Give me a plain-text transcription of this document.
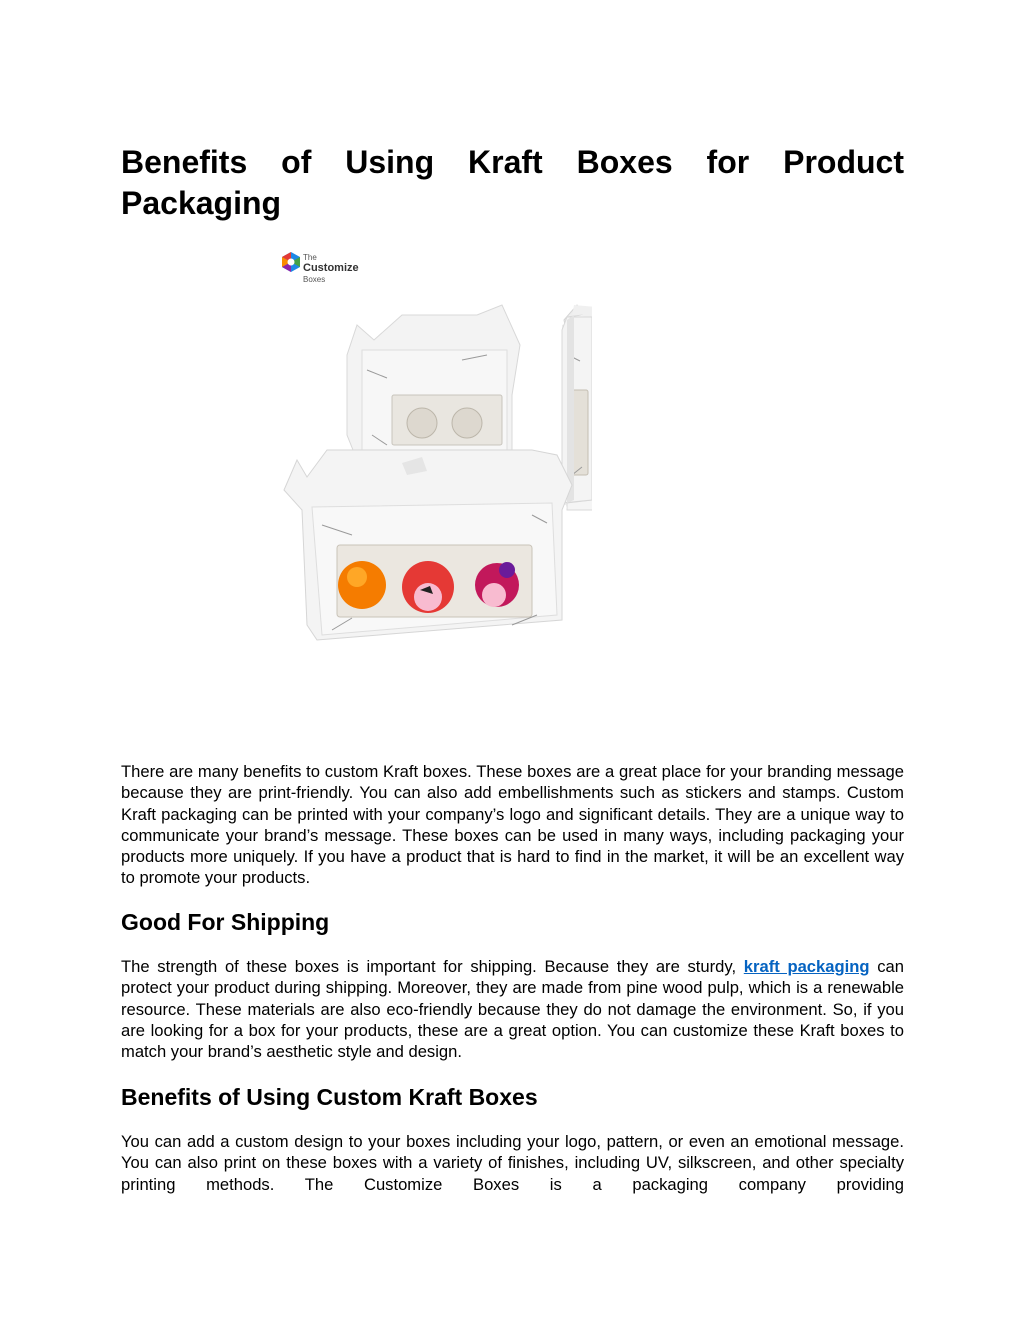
Benefits of Using Kraft Boxes for Product Packaging
The
Customize
Boxes

There are many benefits to custom Kraft boxes. These boxes are a great place for your branding message because they are print-friendly. You can also add embellishments such as stickers and stamps. Custom Kraft packaging can be printed with your company’s logo and significant details. They are a unique way to communicate your brand’s message. These boxes can be used in many ways, including packaging your products more uniquely. If you have a product that is hard to find in the market, it will be an excellent way to promote your products.

Good For Shipping

The strength of these boxes is important for shipping. Because they are sturdy, kraft packaging can protect your product during shipping. Moreover, they are made from pine wood pulp, which is a renewable resource. These materials are also eco-friendly because they do not damage the environment. So, if you are looking for a box for your products, these are a great option. You can customize these Kraft boxes to match your brand’s aesthetic style and design.

Benefits of Using Custom Kraft Boxes

You can add a custom design to your boxes including your logo, pattern, or even an emotional message. You can also print on these boxes with a variety of finishes, including UV, silkscreen, and other specialty printing methods. The Customize Boxes is a packaging company providing
